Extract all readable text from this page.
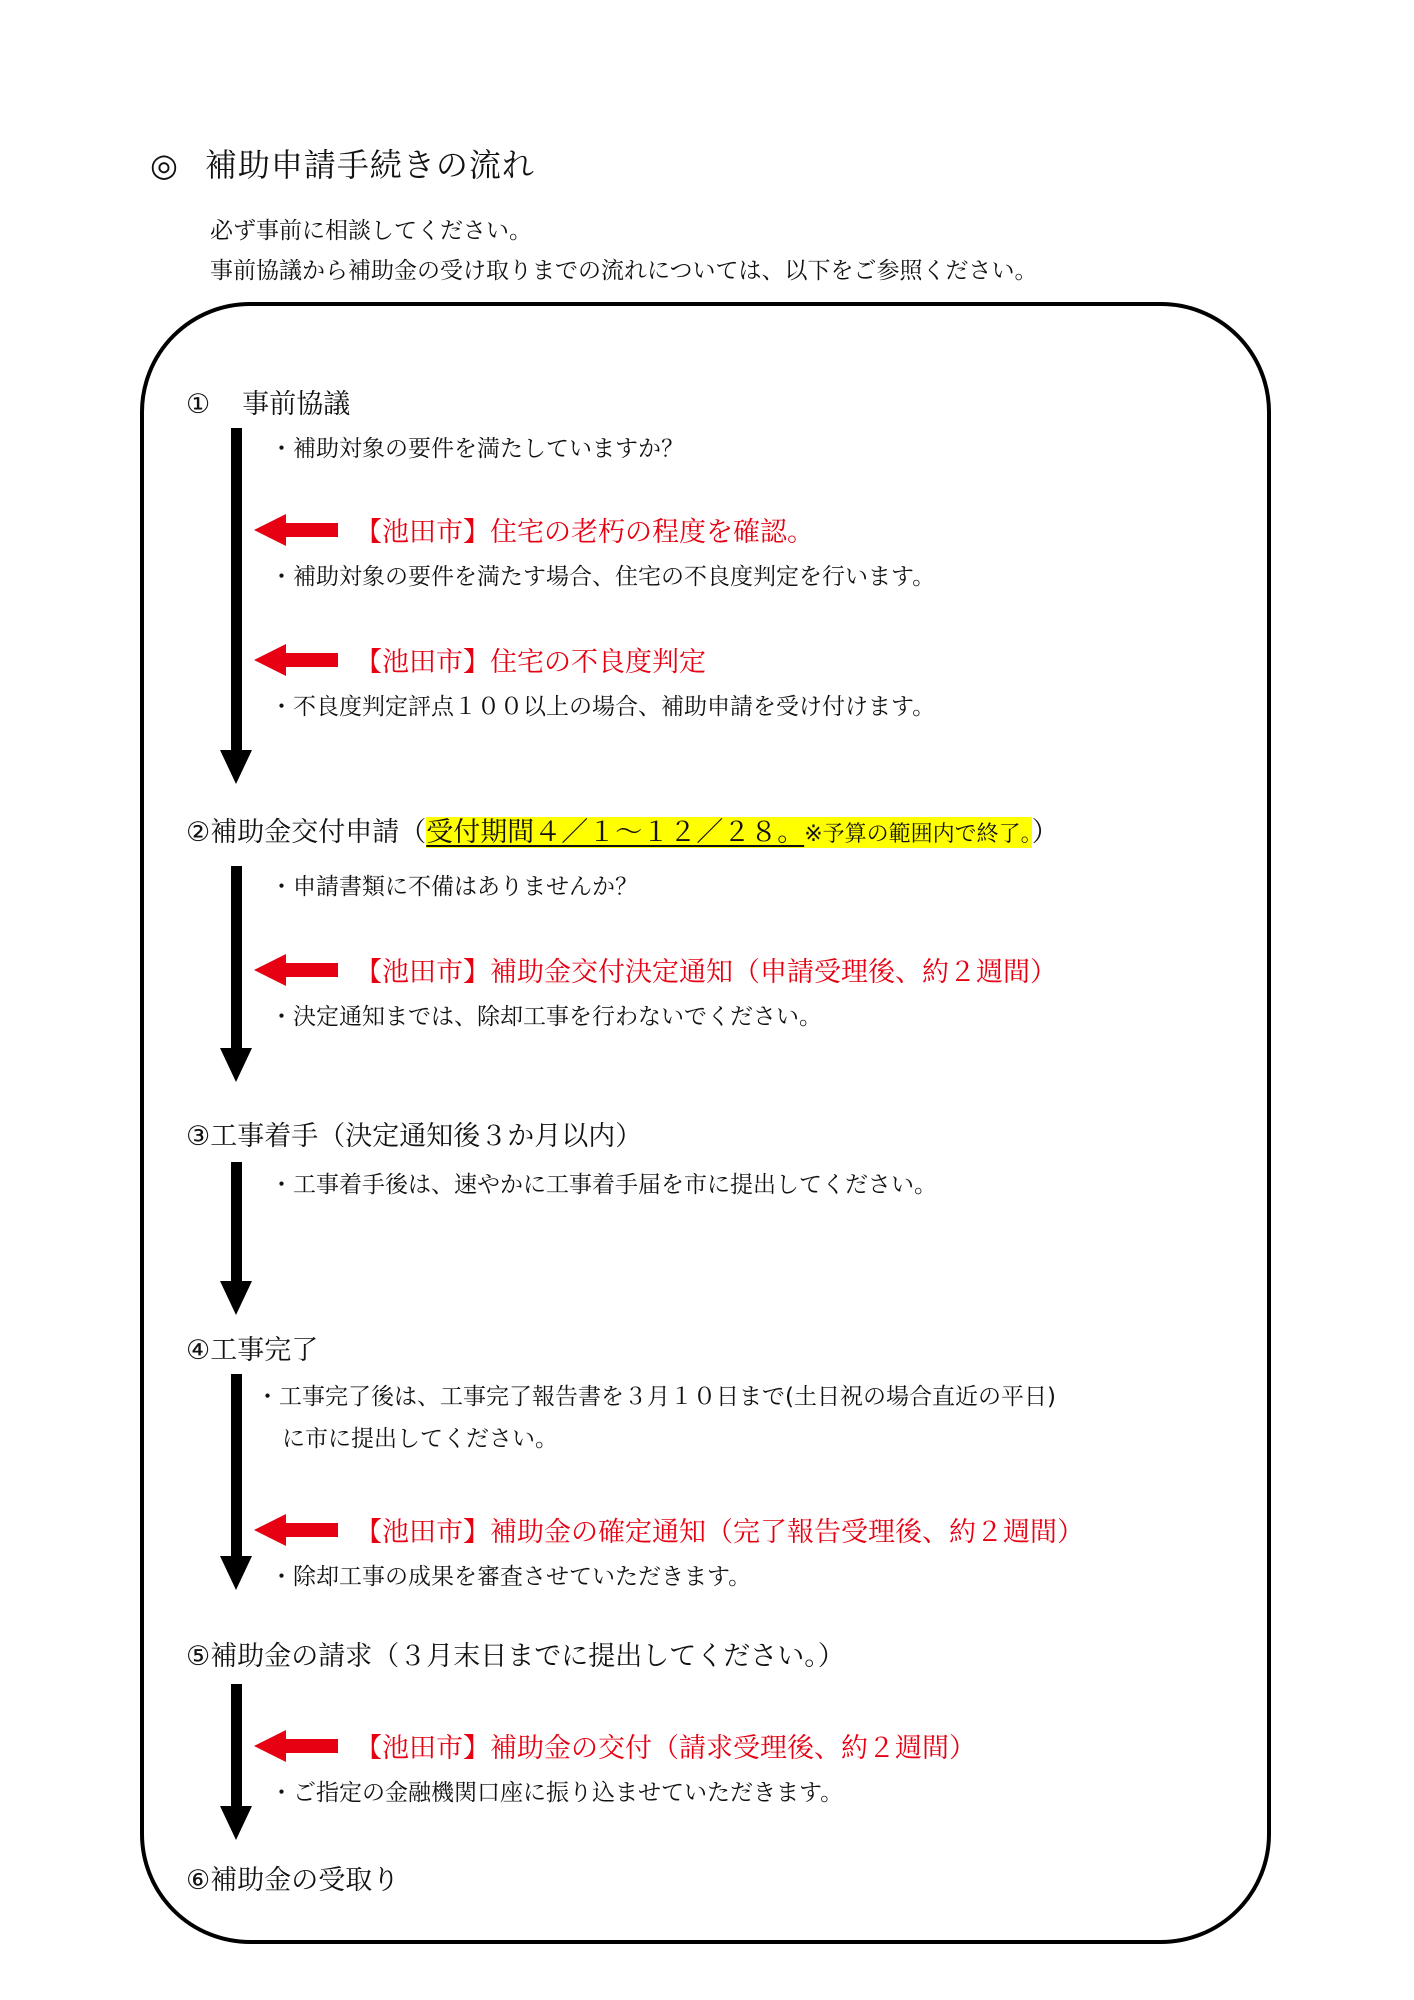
◎ 補助申請手続きの流れ
必ず事前に相談してください。
事前協議から補助金の受け取りまでの流れについては、以下をご参照ください。
① 事前協議
・補助対象の要件を満たしていますか？
【池田市】住宅の老朽の程度を確認。
・補助対象の要件を満たす場合、住宅の不良度判定を行います。
【池田市】住宅の不良度判定
・不良度判定評点１００以上の場合、補助申請を受け付けます。
②補助金交付申請（受付期間４／１～１２／２８。※予算の範囲内で終了。）
・申請書類に不備はありませんか？
【池田市】補助金交付決定通知（申請受理後、約２週間）
・決定通知までは、除却工事を行わないでください。
③工事着手（決定通知後３か月以内）
・工事着手後は、速やかに工事着手届を市に提出してください。
④工事完了
・工事完了後は、工事完了報告書を３月１０日まで(土日祝の場合直近の平日)
に市に提出してください。
【池田市】補助金の確定通知（完了報告受理後、約２週間）
・除却工事の成果を審査させていただきます。
⑤補助金の請求（３月末日までに提出してください。）
【池田市】補助金の交付（請求受理後、約２週間）
・ご指定の金融機関口座に振り込ませていただきます。
⑥補助金の受取り
